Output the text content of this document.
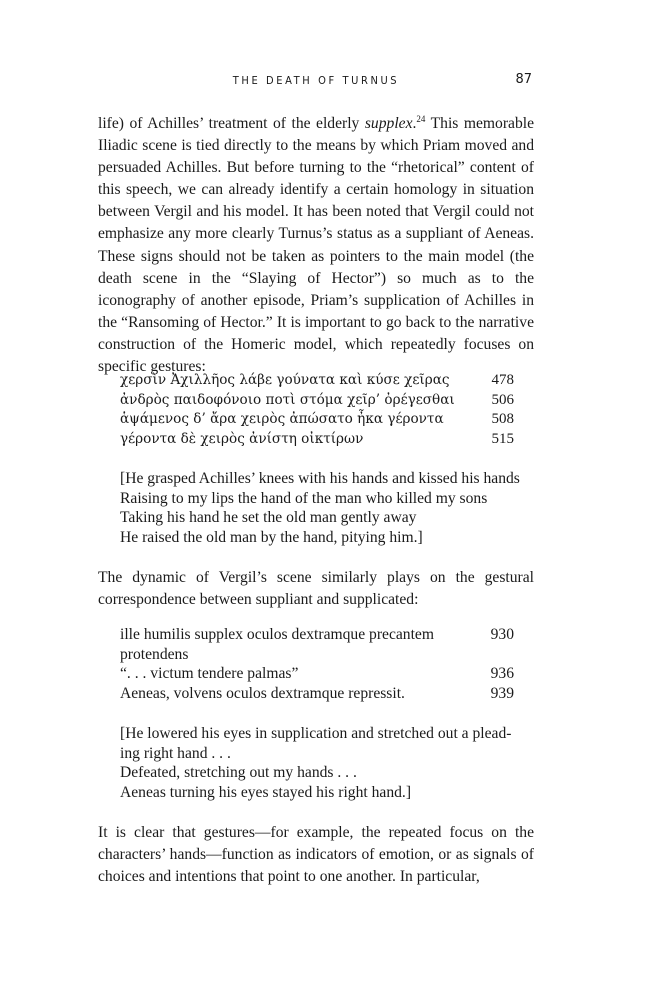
THE DEATH OF TURNUS	87

life) of Achilles’ treatment of the elderly supplex.$^{24}$ This memorable Iliadic scene is tied directly to the means by which Priam moved and persuaded Achilles. But before turning to the “rhetorical” content of this speech, we can already identify a certain homology in situation between Vergil and his model. It has been noted that Vergil could not emphasize any more clearly Turnus’s status as a suppliant of Aeneas. These signs should not be taken as pointers to the main model (the death scene in the “Slaying of Hector”) so much as to the iconography of another episode, Priam’s supplication of Achilles in the “Ransoming of Hector.” It is important to go back to the narrative construction of the Homeric model, which repeatedly focuses on specific gestures:

χερσὶν Ἀχιλλῆος λάβε γούνατα καὶ κύσε χεῖρας	478
ἀνδρὸς παιδοφόνοιο ποτὶ στόμα χεῖρ’ ὀρέγεσθαι	506
ἁψάμενος δ’ ἄρα χειρὸς ἀπώσατο ἦκα γέροντα	508
γέροντα δὲ χειρὸς ἀνίστη οἰκτίρων	515
[He grasped Achilles’ knees with his hands and kissed his hands
Raising to my lips the hand of the man who killed my sons
Taking his hand he set the old man gently away
He raised the old man by the hand, pitying him.]

The dynamic of Vergil’s scene similarly plays on the gestural correspondence between suppliant and supplicated:

ille humilis supplex oculos dextramque precantem	930
protendens
“. . . victum tendere palmas”	936
Aeneas, volvens oculos dextramque repressit.	939
[He lowered his eyes in supplication and stretched out a plead-
ing right hand . . .
Defeated, stretching out my hands . . .
Aeneas turning his eyes stayed his right hand.]

It is clear that gestures—for example, the repeated focus on the characters’ hands—function as indicators of emotion, or as signals of choices and intentions that point to one another. In particular,
